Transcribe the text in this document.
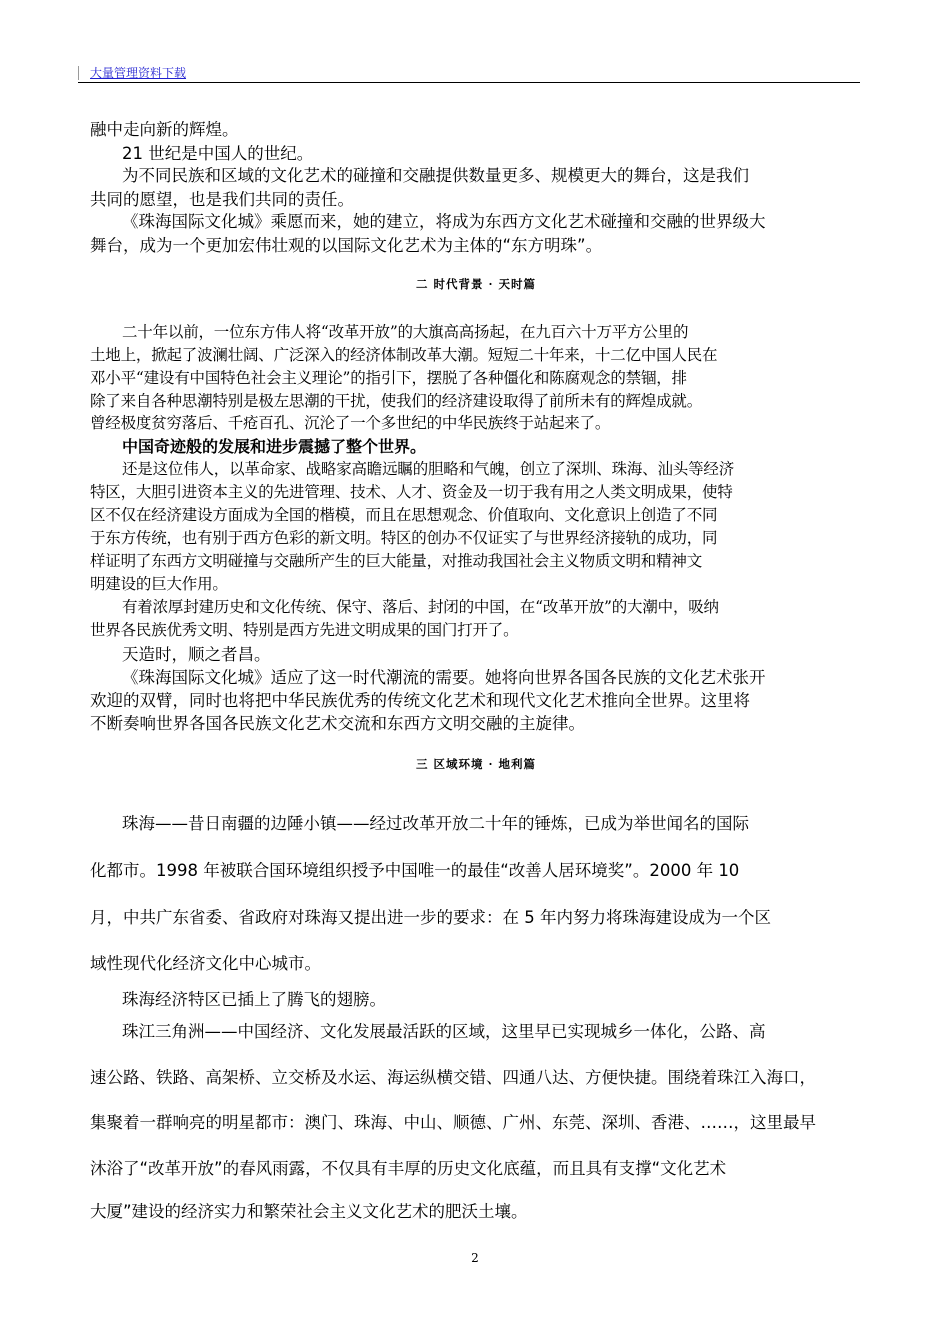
大量管理资料下载
融中走向新的辉煌。
21 世纪是中国人的世纪。
为不同民族和区域的文化艺术的碰撞和交融提供数量更多、规模更大的舞台，这是我们
共同的愿望，也是我们共同的责任。
《珠海国际文化城》乘愿而来，她的建立，将成为东西方文化艺术碰撞和交融的世界级大
舞台，成为一个更加宏伟壮观的以国际文化艺术为主体的“东方明珠”。
二 时代背景 · 天时篇
二十年以前，一位东方伟人将“改革开放”的大旗高高扬起，在九百六十万平方公里的
土地上，掀起了波澜壮阔、广泛深入的经济体制改革大潮。短短二十年来，十二亿中国人民在
邓小平“建设有中国特色社会主义理论”的指引下，摆脱了各种僵化和陈腐观念的禁锢，排
除了来自各种思潮特别是极左思潮的干扰，使我们的经济建设取得了前所未有的辉煌成就。
曾经极度贫穷落后、千疮百孔、沉沦了一个多世纪的中华民族终于站起来了。
中国奇迹般的发展和进步震撼了整个世界。
还是这位伟人，以革命家、战略家高瞻远瞩的胆略和气魄，创立了深圳、珠海、汕头等经济
特区，大胆引进资本主义的先进管理、技术、人才、资金及一切于我有用之人类文明成果，使特
区不仅在经济建设方面成为全国的楷模，而且在思想观念、价值取向、文化意识上创造了不同
于东方传统，也有别于西方色彩的新文明。特区的创办不仅证实了与世界经济接轨的成功，同
样证明了东西方文明碰撞与交融所产生的巨大能量，对推动我国社会主义物质文明和精神文
明建设的巨大作用。
有着浓厚封建历史和文化传统、保守、落后、封闭的中国，在“改革开放”的大潮中，吸纳
世界各民族优秀文明、特别是西方先进文明成果的国门打开了。
天造时，顺之者昌。
《珠海国际文化城》适应了这一时代潮流的需要。她将向世界各国各民族的文化艺术张开
欢迎的双臂，同时也将把中华民族优秀的传统文化艺术和现代文化艺术推向全世界。这里将
不断奏响世界各国各民族文化艺术交流和东西方文明交融的主旋律。
三 区域环境 · 地利篇
珠海——昔日南疆的边陲小镇——经过改革开放二十年的锤炼，已成为举世闻名的国际
化都市。1998 年被联合国环境组织授予中国唯一的最佳“改善人居环境奖”。2000 年 10
月，中共广东省委、省政府对珠海又提出进一步的要求：在 5 年内努力将珠海建设成为一个区
域性现代化经济文化中心城市。
珠海经济特区已插上了腾飞的翅膀。
珠江三角洲——中国经济、文化发展最活跃的区域，这里早已实现城乡一体化，公路、高
速公路、铁路、高架桥、立交桥及水运、海运纵横交错、四通八达、方便快捷。围绕着珠江入海口，
集聚着一群响亮的明星都市：澳门、珠海、中山、顺德、广州、东莞、深圳、香港、……，这里最早
沐浴了“改革开放”的春风雨露，不仅具有丰厚的历史文化底蕴，而且具有支撑“文化艺术
大厦”建设的经济实力和繁荣社会主义文化艺术的肥沃土壤。
2
